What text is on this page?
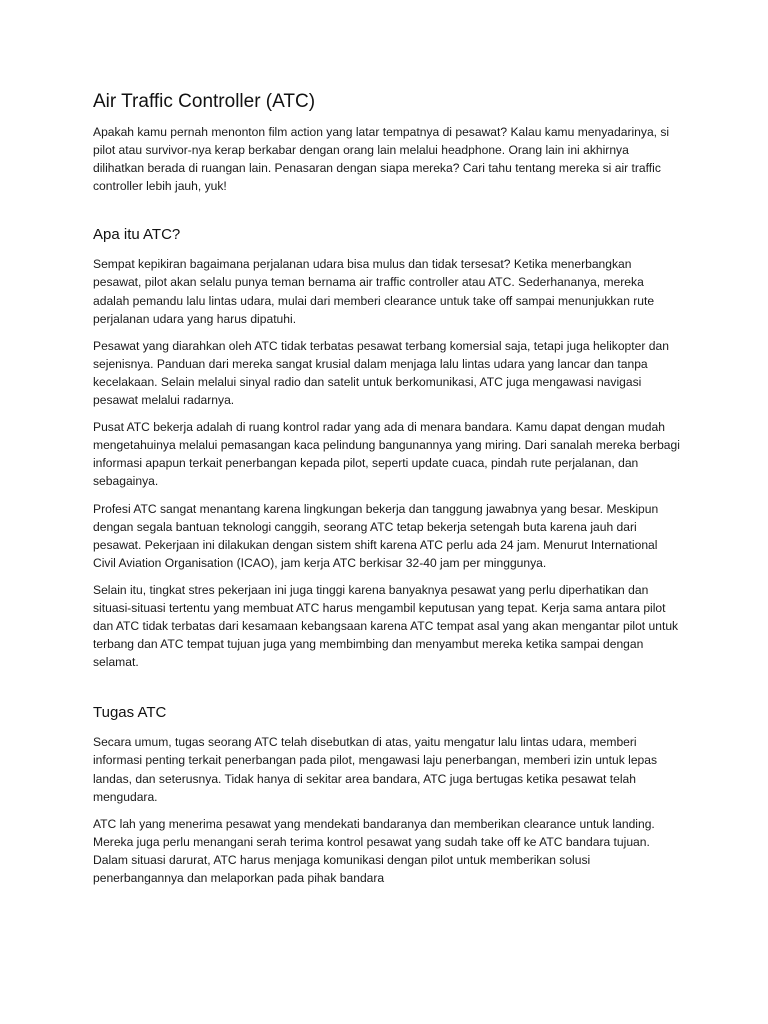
Air Traffic Controller (ATC)

Apakah kamu pernah menonton film action yang latar tempatnya di pesawat? Kalau kamu menyadarinya, si pilot atau survivor-nya kerap berkabar dengan orang lain melalui headphone. Orang lain ini akhirnya dilihatkan berada di ruangan lain. Penasaran dengan siapa mereka? Cari tahu tentang mereka si air traffic controller lebih jauh, yuk!

Apa itu ATC?

Sempat kepikiran bagaimana perjalanan udara bisa mulus dan tidak tersesat? Ketika menerbangkan pesawat, pilot akan selalu punya teman bernama air traffic controller atau ATC. Sederhananya, mereka adalah pemandu lalu lintas udara, mulai dari memberi clearance untuk take off sampai menunjukkan rute perjalanan udara yang harus dipatuhi.

Pesawat yang diarahkan oleh ATC tidak terbatas pesawat terbang komersial saja, tetapi juga helikopter dan sejenisnya. Panduan dari mereka sangat krusial dalam menjaga lalu lintas udara yang lancar dan tanpa kecelakaan. Selain melalui sinyal radio dan satelit untuk berkomunikasi, ATC juga mengawasi navigasi pesawat melalui radarnya.

Pusat ATC bekerja adalah di ruang kontrol radar yang ada di menara bandara. Kamu dapat dengan mudah mengetahuinya melalui pemasangan kaca pelindung bangunannya yang miring. Dari sanalah mereka berbagi informasi apapun terkait penerbangan kepada pilot, seperti update cuaca, pindah rute perjalanan, dan sebagainya.

Profesi ATC sangat menantang karena lingkungan bekerja dan tanggung jawabnya yang besar. Meskipun dengan segala bantuan teknologi canggih, seorang ATC tetap bekerja setengah buta karena jauh dari pesawat. Pekerjaan ini dilakukan dengan sistem shift karena ATC perlu ada 24 jam. Menurut International Civil Aviation Organisation (ICAO), jam kerja ATC berkisar 32-40 jam per minggunya.

Selain itu, tingkat stres pekerjaan ini juga tinggi karena banyaknya pesawat yang perlu diperhatikan dan situasi-situasi tertentu yang membuat ATC harus mengambil keputusan yang tepat. Kerja sama antara pilot dan ATC tidak terbatas dari kesamaan kebangsaan karena ATC tempat asal yang akan mengantar pilot untuk terbang dan ATC tempat tujuan juga yang membimbing dan menyambut mereka ketika sampai dengan selamat.

Tugas ATC

Secara umum, tugas seorang ATC telah disebutkan di atas, yaitu mengatur lalu lintas udara, memberi informasi penting terkait penerbangan pada pilot, mengawasi laju penerbangan, memberi izin untuk lepas landas, dan seterusnya. Tidak hanya di sekitar area bandara, ATC juga bertugas ketika pesawat telah mengudara.

ATC lah yang menerima pesawat yang mendekati bandaranya dan memberikan clearance untuk landing. Mereka juga perlu menangani serah terima kontrol pesawat yang sudah take off ke ATC bandara tujuan. Dalam situasi darurat, ATC harus menjaga komunikasi dengan pilot untuk memberikan solusi penerbangannya dan melaporkan pada pihak bandara
